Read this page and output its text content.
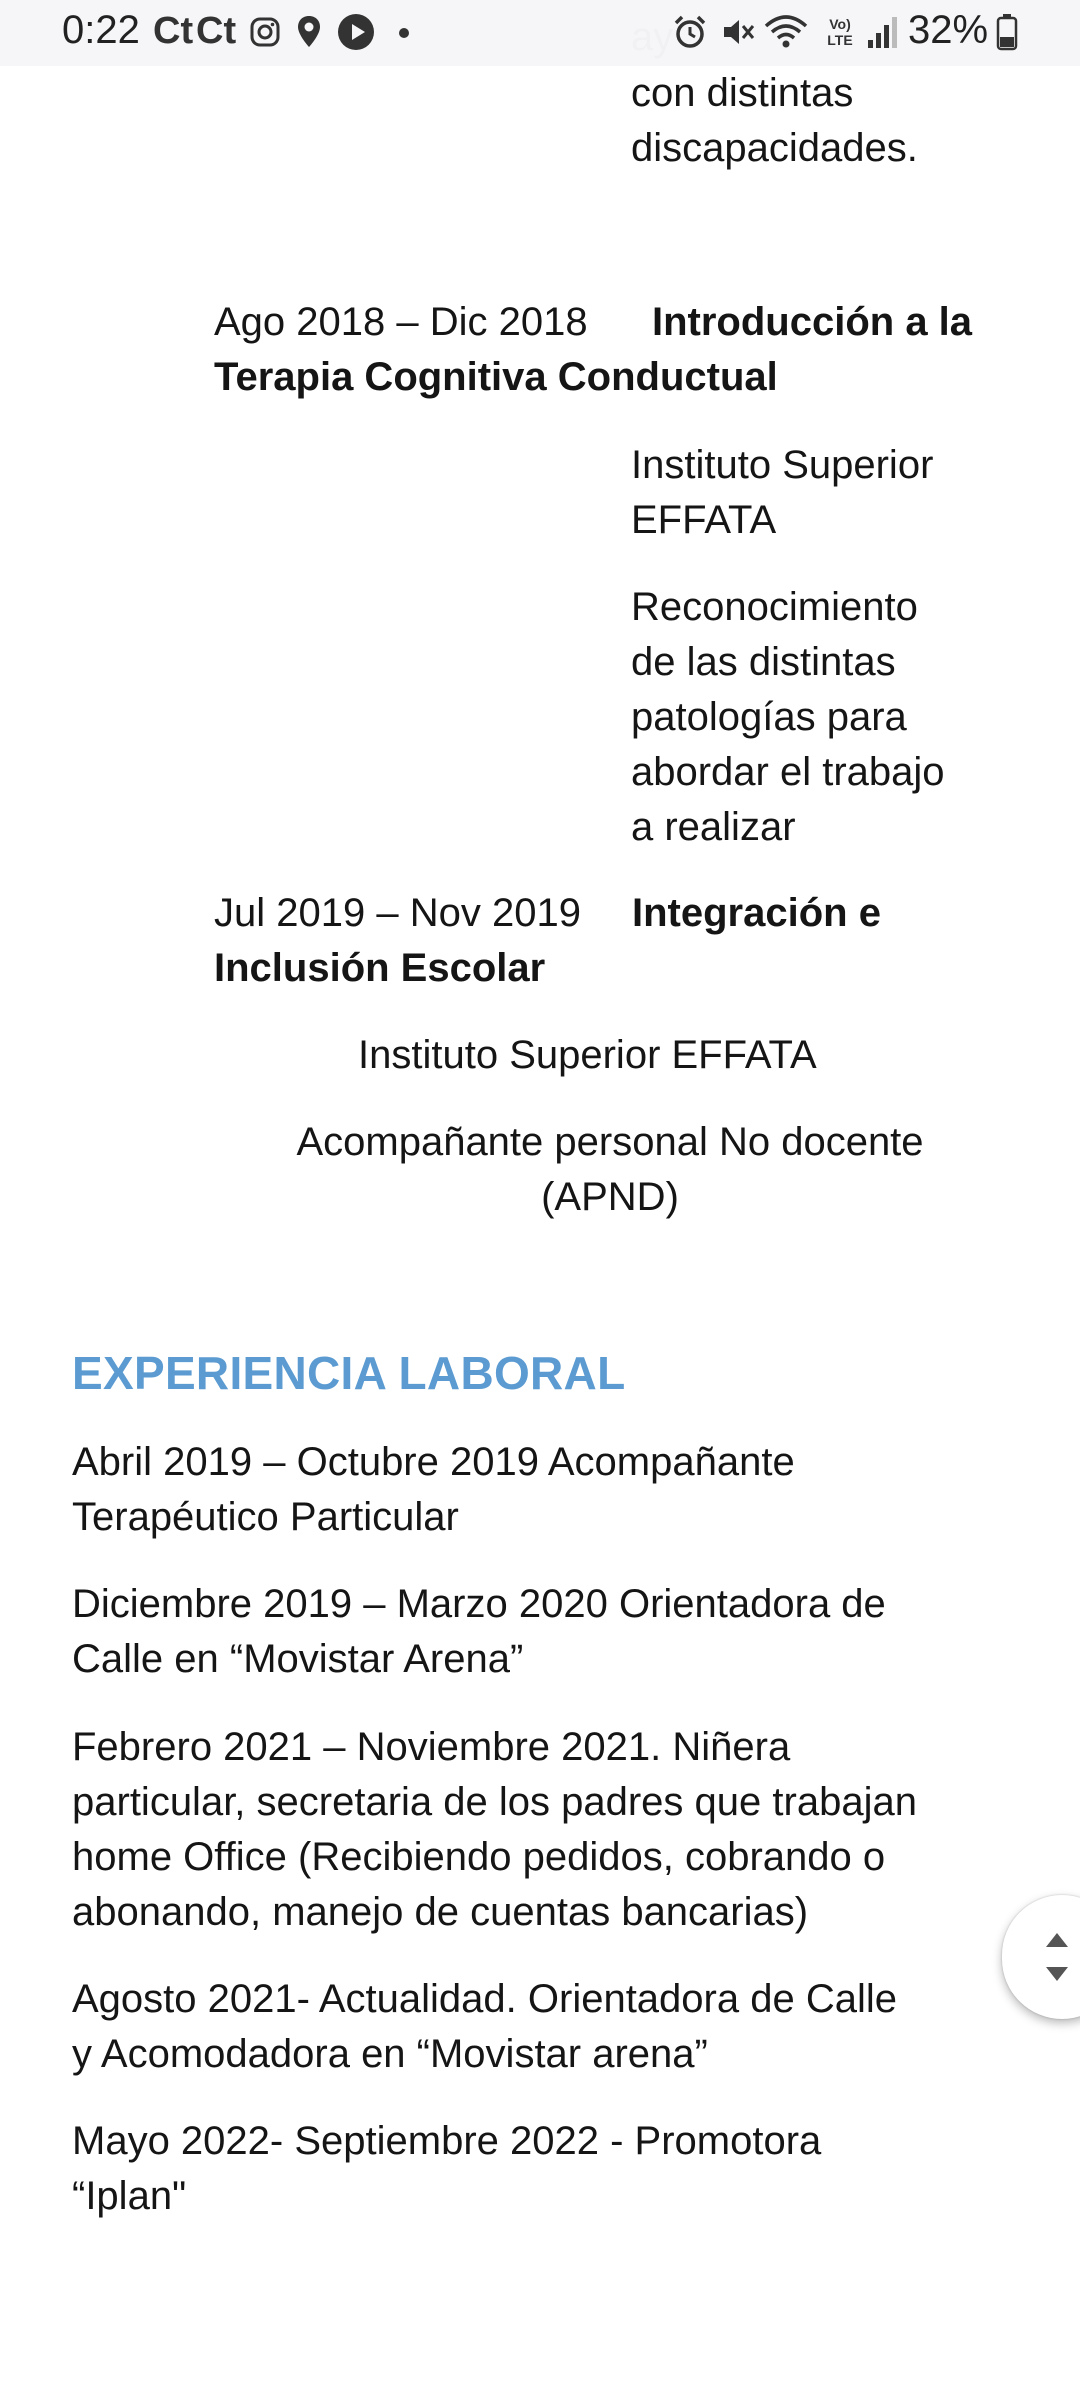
con distintas
discapacidades.
Ago 2018 – Dic 2018 Introducción a la
Terapia Cognitiva Conductual
Instituto Superior
EFFATA
Reconocimiento
de las distintas
patologías para
abordar el trabajo
a realizar
Jul 2019 – Nov 2019 Integración e
Inclusión Escolar
Instituto Superior EFFATA
Acompañante personal No docente
(APND)
EXPERIENCIA LABORAL
Abril 2019 – Octubre 2019 Acompañante
Terapéutico Particular
Diciembre 2019 – Marzo 2020 Orientadora de
Calle en “Movistar Arena”
Febrero 2021 – Noviembre 2021. Niñera
particular, secretaria de los padres que trabajan
home Office (Recibiendo pedidos, cobrando o
abonando, manejo de cuentas bancarias)
Agosto 2021- Actualidad. Orientadora de Calle
y Acomodadora en “Movistar arena”
Mayo 2022- Septiembre 2022 - Promotora
“Iplan"
0:22 Ct Ct	Vo)
LTE 32%
